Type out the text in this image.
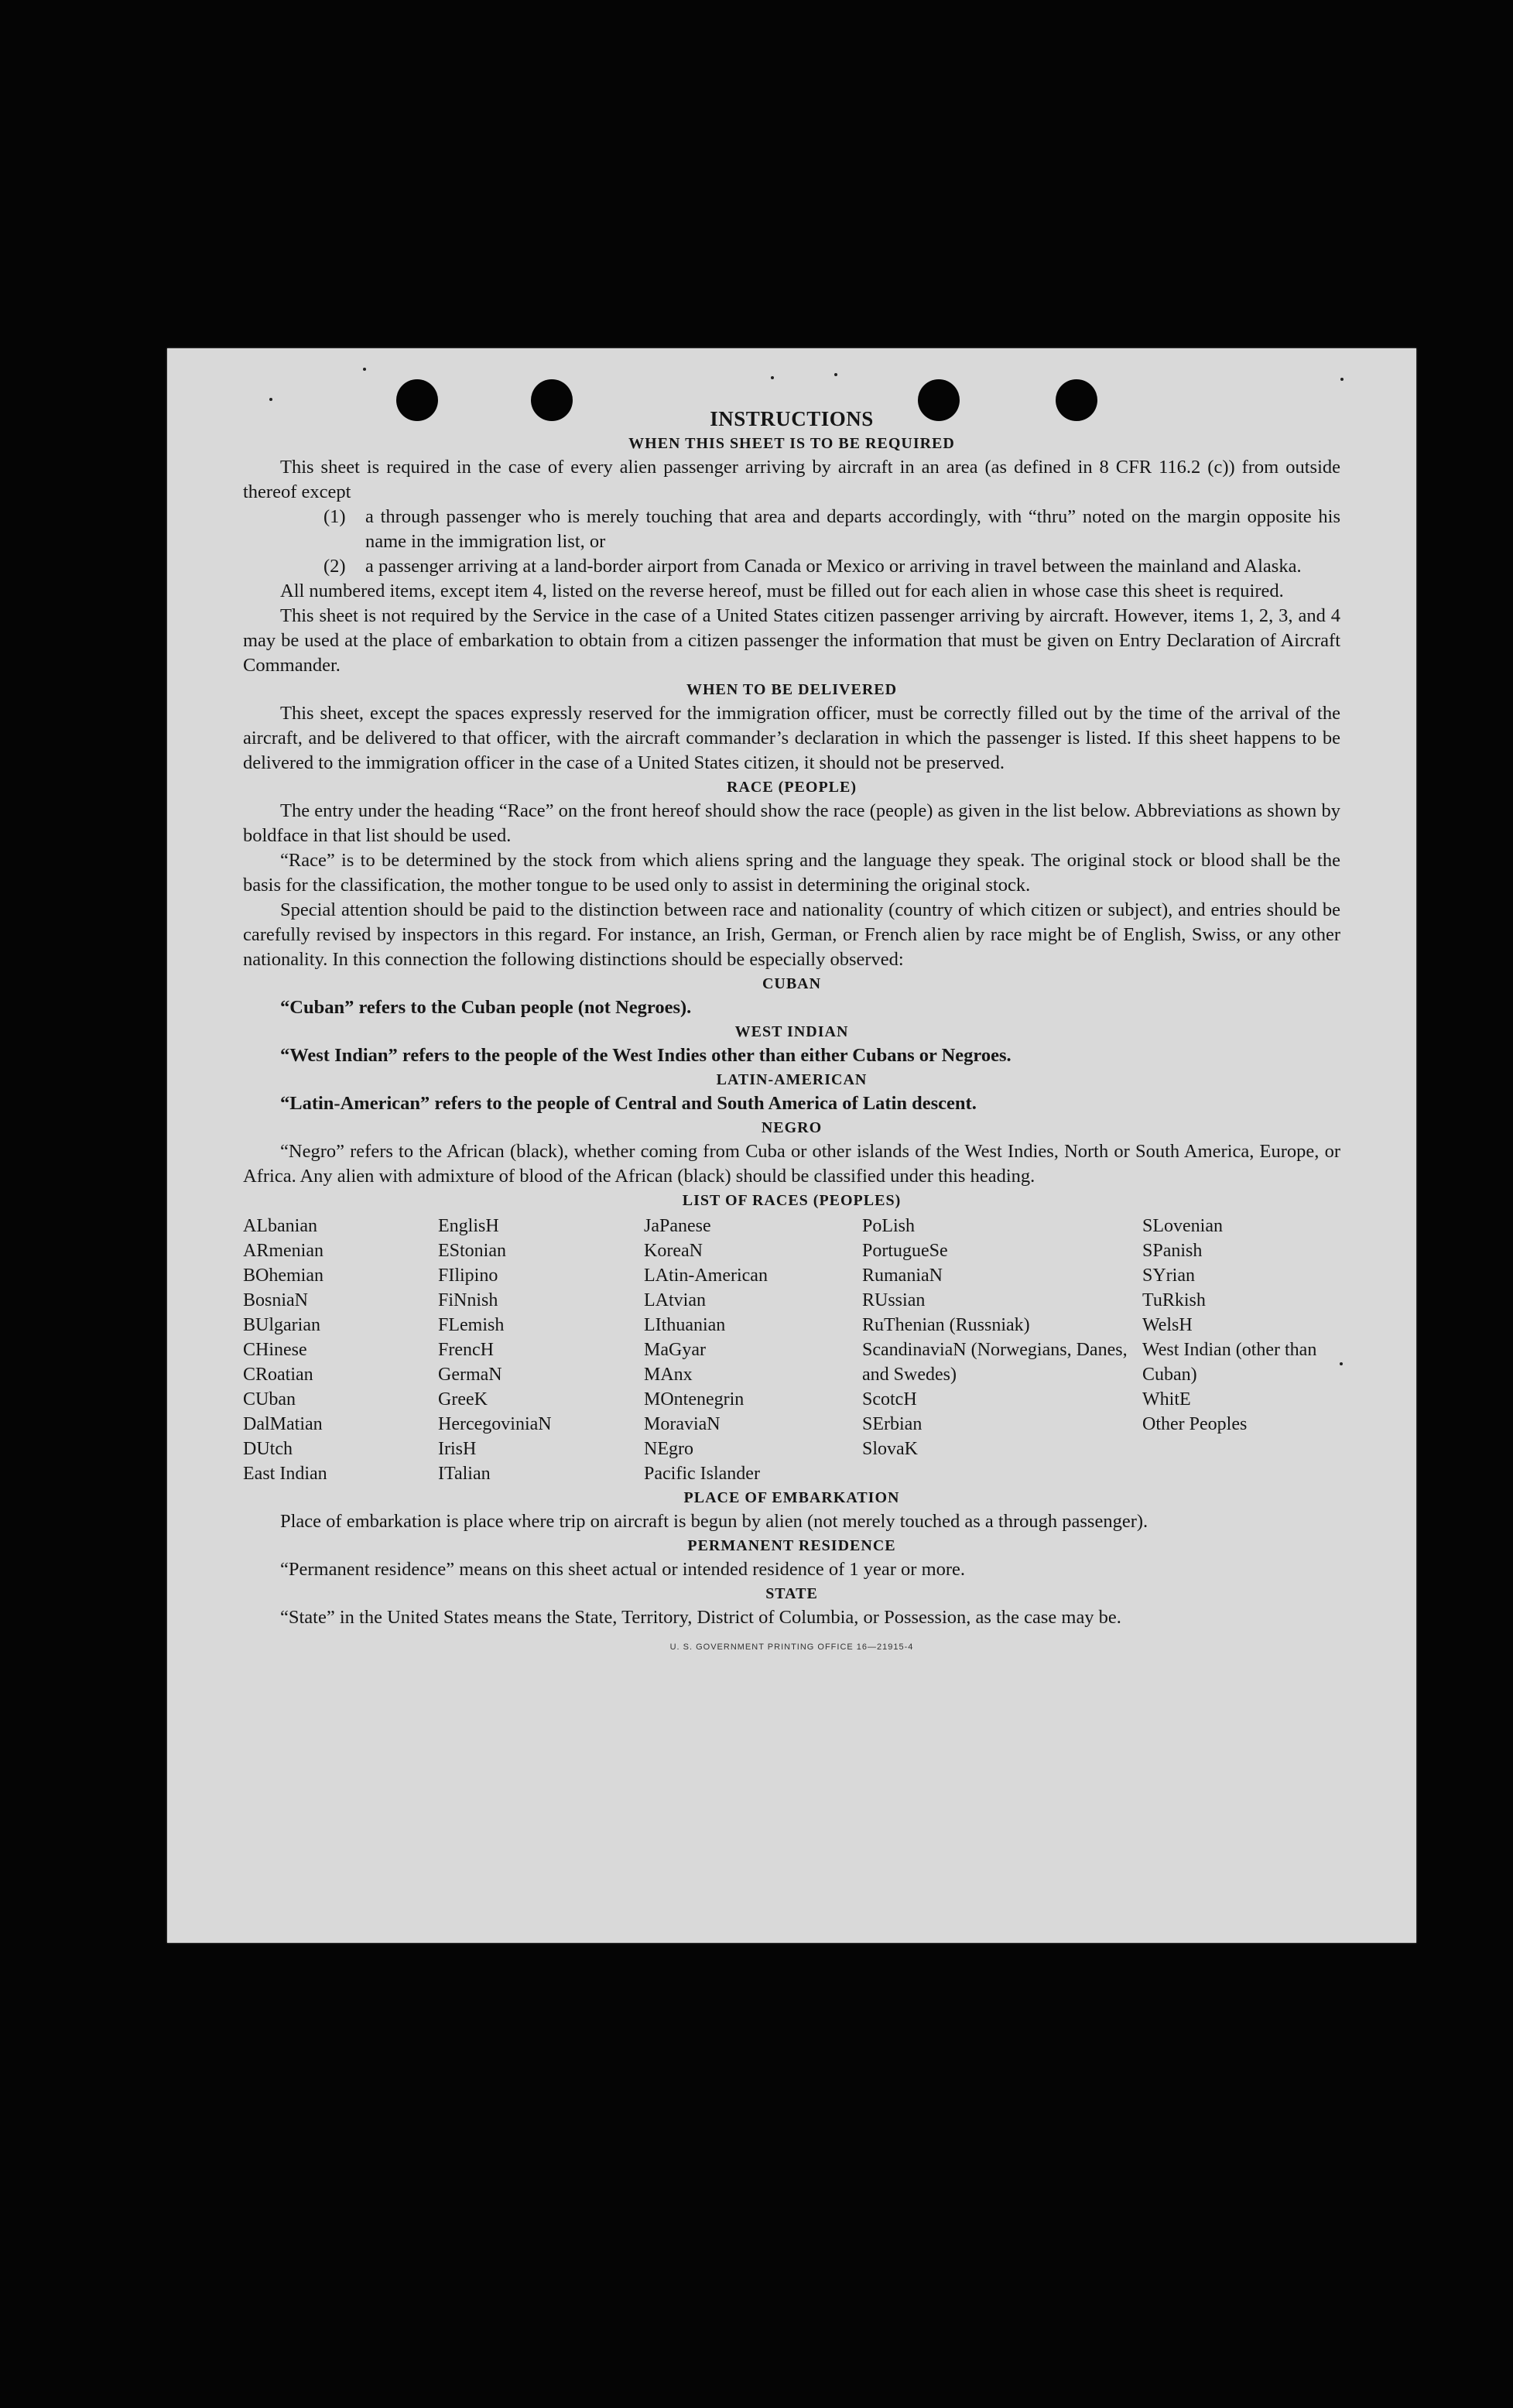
INSTRUCTIONS
WHEN THIS SHEET IS TO BE REQUIRED

This sheet is required in the case of every alien passenger arriving by aircraft in an area (as defined in 8 CFR 116.2 (c)) from outside thereof except

(1)	a through passenger who is merely touching that area and departs accordingly, with “thru” noted on the margin opposite his name in the immigration list, or
(2)	a passenger arriving at a land-border airport from Canada or Mexico or arriving in travel between the mainland and Alaska.

All numbered items, except item 4, listed on the reverse hereof, must be filled out for each alien in whose case this sheet is required.

This sheet is not required by the Service in the case of a United States citizen passenger arriving by aircraft. However, items 1, 2, 3, and 4 may be used at the place of embarkation to obtain from a citizen passenger the information that must be given on Entry Declaration of Aircraft Commander.

WHEN TO BE DELIVERED

This sheet, except the spaces expressly reserved for the immigration officer, must be correctly filled out by the time of the arrival of the aircraft, and be delivered to that officer, with the aircraft commander’s declaration in which the passenger is listed. If this sheet happens to be delivered to the immigration officer in the case of a United States citizen, it should not be preserved.

RACE (PEOPLE)

The entry under the heading “Race” on the front hereof should show the race (people) as given in the list below. Abbreviations as shown by boldface in that list should be used.

“Race” is to be determined by the stock from which aliens spring and the language they speak. The original stock or blood shall be the basis for the classification, the mother tongue to be used only to assist in determining the original stock.

Special attention should be paid to the distinction between race and nationality (country of which citizen or subject), and entries should be carefully revised by inspectors in this regard. For instance, an Irish, German, or French alien by race might be of English, Swiss, or any other nationality. In this connection the following distinctions should be especially observed:

CUBAN

“Cuban” refers to the Cuban people (not Negroes).

WEST INDIAN

“West Indian” refers to the people of the West Indies other than either Cubans or Negroes.

LATIN-AMERICAN

“Latin-American” refers to the people of Central and South America of Latin descent.

NEGRO

“Negro” refers to the African (black), whether coming from Cuba or other islands of the West Indies, North or South America, Europe, or Africa. Any alien with admixture of blood of the African (black) should be classified under this heading.

LIST OF RACES (PEOPLES)
ALbanian
ARmenian
BOhemian
BosniaN
BUlgarian
CHinese
CRoatian
CUban
DalMatian
DUtch
East Indian
EnglisH
EStonian
FIlipino
FiNnish
FLemish
FrencH
GermaN
GreeK
HercegoviniaN
IrisH
ITalian
JaPanese
KoreaN
LAtin-American
LAtvian
LIthuanian
MaGyar
MAnx
MOntenegrin
MoraviaN
NEgro
Pacific Islander
PoLish
PortugueSe
RumaniaN
RUssian
RuThenian (Russniak)
ScandinaviaN (Norwegians, Danes, and Swedes)
ScotcH
SErbian
SlovaK
SLovenian
SPanish
SYrian
TuRkish
WelsH
West Indian (other than Cuban)
WhitE
Other Peoples
PLACE OF EMBARKATION

Place of embarkation is place where trip on aircraft is begun by alien (not merely touched as a through passenger).

PERMANENT RESIDENCE

“Permanent residence” means on this sheet actual or intended residence of 1 year or more.

STATE

“State” in the United States means the State, Territory, District of Columbia, or Possession, as the case may be.

U. S. GOVERNMENT PRINTING OFFICE 16—21915-4
